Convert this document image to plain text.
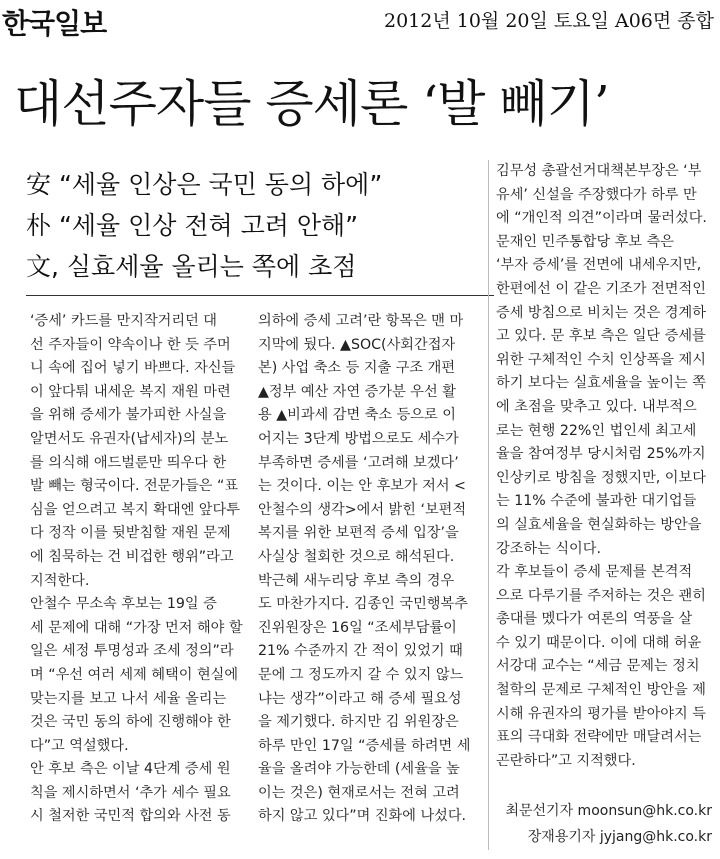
한국일보	2012년 10월 20일 토요일 A06면 종합
대선주자들 증세론 ‘발 빼기’
安 “세율 인상은 국민 동의 하에”
朴 “세율 인상 전혀 고려 안해”
文, 실효세율 올리는 쪽에 초점
‘증세’ 카드를 만지작거리던 대
선 주자들이 약속이나 한 듯 주머
니 속에 집어 넣기 바쁘다. 자신들
이 앞다퉈 내세운 복지 재원 마련
을 위해 증세가 불가피한 사실을
알면서도 유권자(납세자)의 분노
를 의식해 애드벌룬만 띄우다 한
발 빼는 형국이다. 전문가들은 “표
심을 얻으려고 복지 확대엔 앞다투
다 정작 이를 뒷받침할 재원 문제
에 침묵하는 건 비겁한 행위”라고
지적한다.
안철수 무소속 후보는 19일 증
세 문제에 대해 “가장 먼저 해야 할
일은 세정 투명성과 조세 정의”라
며 “우선 여러 세제 혜택이 현실에
맞는지를 보고 나서 세율 올리는
것은 국민 동의 하에 진행해야 한
다”고 역설했다.
안 후보 측은 이날 4단계 증세 원
칙을 제시하면서 ‘추가 세수 필요
시 철저한 국민적 합의와 사전 동
의하에 증세 고려’란 항목은 맨 마
지막에 뒀다. ▲SOC(사회간접자
본) 사업 축소 등 지출 구조 개편
▲정부 예산 자연 증가분 우선 활
용 ▲비과세 감면 축소 등으로 이
어지는 3단계 방법으로도 세수가
부족하면 증세를 ‘고려해 보겠다’
는 것이다. 이는 안 후보가 저서 <
안철수의 생각>에서 밝힌 ‘보편적
복지를 위한 보편적 증세 입장’을
사실상 철회한 것으로 해석된다.
박근혜 새누리당 후보 측의 경우
도 마찬가지다. 김종인 국민행복추
진위원장은 16일 “조세부담률이
21% 수준까지 간 적이 있었기 때
문에 그 정도까지 갈 수 있지 않느
냐는 생각”이라고 해 증세 필요성
을 제기했다. 하지만 김 위원장은
하루 만인 17일 “증세를 하려면 세
율을 올려야 가능한데 (세율을 높
이는 것은) 현재로서는 전혀 고려
하지 않고 있다”며 진화에 나섰다.
김무성 총괄선거대책본부장은 ‘부
유세’ 신설을 주장했다가 하루 만
에 “개인적 의견”이라며 물러섰다.
문재인 민주통합당 후보 측은
‘부자 증세’를 전면에 내세우지만,
한편에선 이 같은 기조가 전면적인
증세 방침으로 비치는 것은 경계하
고 있다. 문 후보 측은 일단 증세를
위한 구체적인 수치 인상폭을 제시
하기 보다는 실효세율을 높이는 쪽
에 초점을 맞추고 있다. 내부적으
로는 현행 22%인 법인세 최고세
율을 참여정부 당시처럼 25%까지
인상키로 방침을 정했지만, 이보다
는 11% 수준에 불과한 대기업들
의 실효세율을 현실화하는 방안을
강조하는 식이다.
각 후보들이 증세 문제를 본격적
으로 다루기를 주저하는 것은 괜히
총대를 멨다가 여론의 역풍을 살
수 있기 때문이다. 이에 대해 허윤
서강대 교수는 “세금 문제는 정치
철학의 문제로 구체적인 방안을 제
시해 유권자의 평가를 받아야지 득
표의 극대화 전략에만 매달려서는
곤란하다”고 지적했다.
최문선기자 moonsun@hk.co.kr
장재용기자 jyjang@hk.co.kr
